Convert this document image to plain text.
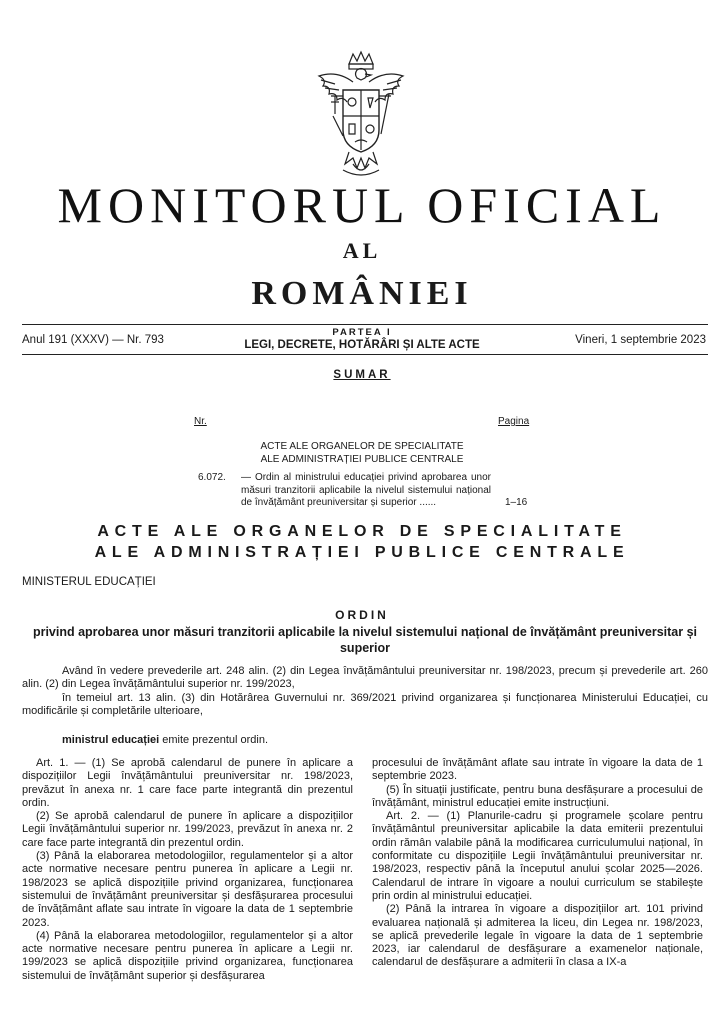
MONITORUL OFICIAL
AL
ROMÂNIEI
Anul 191 (XXXV) — Nr. 793
PARTEA I
LEGI, DECRETE, HOTĂRÂRI ȘI ALTE ACTE	Vineri, 1 septembrie 2023
SUMAR
Nr.	Pagina
ACTE ALE ORGANELOR DE SPECIALITATE
ALE ADMINISTRAȚIEI PUBLICE CENTRALE
6.072. — Ordin al ministrului educației privind aprobarea unor măsuri tranzitorii aplicabile la nivelul sistemului național de învățământ preuniversitar și superior ......	1–16
ACTE ALE ORGANELOR DE SPECIALITATE
ALE ADMINISTRAȚIEI PUBLICE CENTRALE
MINISTERUL EDUCAȚIEI
ORDIN
privind aprobarea unor măsuri tranzitorii aplicabile la nivelul sistemului național de învățământ preuniversitar și superior
Având în vedere prevederile art. 248 alin. (2) din Legea învățământului preuniversitar nr. 198/2023, precum și prevederile art. 260 alin. (2) din Legea învățământului superior nr. 199/2023,
în temeiul art. 13 alin. (3) din Hotărârea Guvernului nr. 369/2021 privind organizarea și funcționarea Ministerului Educației, cu modificările și completările ulterioare,
ministrul educației emite prezentul ordin.

Art. 1. — (1) Se aprobă calendarul de punere în aplicare a dispozițiilor Legii învățământului preuniversitar nr. 198/2023, prevăzut în anexa nr. 1 care face parte integrantă din prezentul ordin.

(2) Se aprobă calendarul de punere în aplicare a dispozițiilor Legii învățământului superior nr. 199/2023, prevăzut în anexa nr. 2 care face parte integrantă din prezentul ordin.

(3) Până la elaborarea metodologiilor, regulamentelor și a altor acte normative necesare pentru punerea în aplicare a Legii nr. 198/2023 se aplică dispozițiile privind organizarea, funcționarea sistemului de învățământ preuniversitar și desfășurarea procesului de învățământ aflate sau intrate în vigoare la data de 1 septembrie 2023.

(4) Până la elaborarea metodologiilor, regulamentelor și a altor acte normative necesare pentru punerea în aplicare a Legii nr. 199/2023 se aplică dispozițiile privind organizarea, funcționarea sistemului de învățământ superior și desfășurarea

procesului de învățământ aflate sau intrate în vigoare la data de 1 septembrie 2023.

(5) În situații justificate, pentru buna desfășurare a procesului de învățământ, ministrul educației emite instrucțiuni.

Art. 2. — (1) Planurile-cadru și programele școlare pentru învățământul preuniversitar aplicabile la data emiterii prezentului ordin rămân valabile până la modificarea curriculumului național, în conformitate cu dispozițiile Legii învățământului preuniversitar nr. 198/2023, respectiv până la începutul anului școlar 2025—2026. Calendarul de intrare în vigoare a noului curriculum se stabilește prin ordin al ministrului educației.

(2) Până la intrarea în vigoare a dispozițiilor art. 101 privind evaluarea națională și admiterea la liceu, din Legea nr. 198/2023, se aplică prevederile legale în vigoare la data de 1 septembrie 2023, iar calendarul de desfășurare a examenelor naționale, calendarul de desfășurare a admiterii în clasa a IX-a
